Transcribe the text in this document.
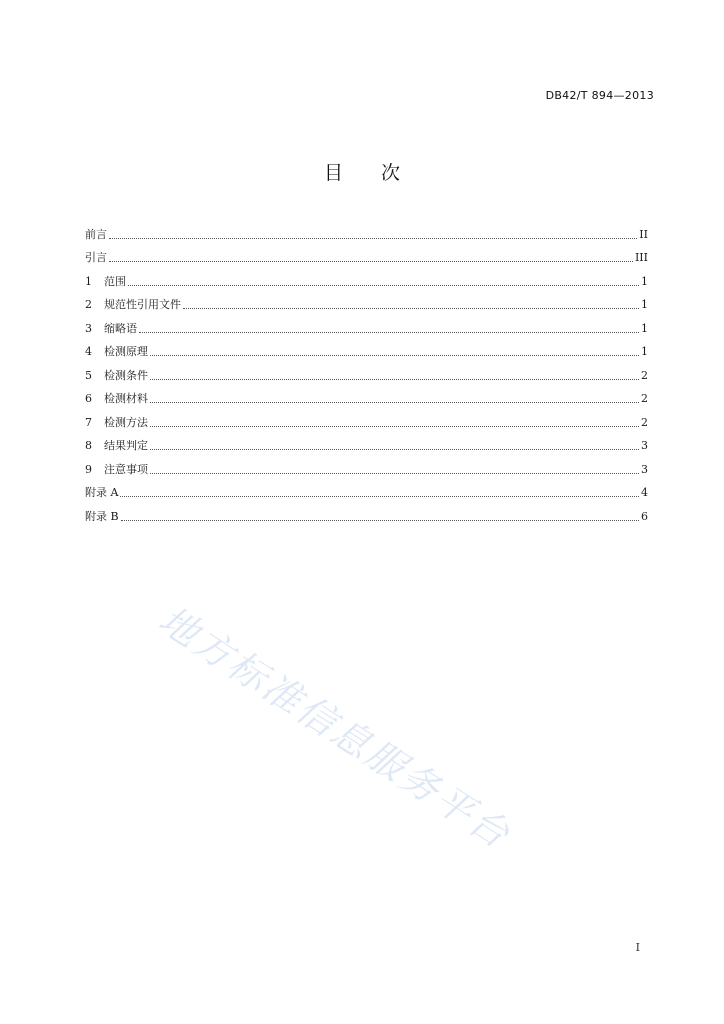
DB42/T 894—2013
目 次
前言	II
引言	III
1	范围	1
2	规范性引用文件	1
3	缩略语	1
4	检测原理	1
5	检测条件	2
6	检测材料	2
7	检测方法	2
8	结果判定	3
9	注意事项	3
附录 A	4
附录 B	6
地方标准信息服务平台
I
